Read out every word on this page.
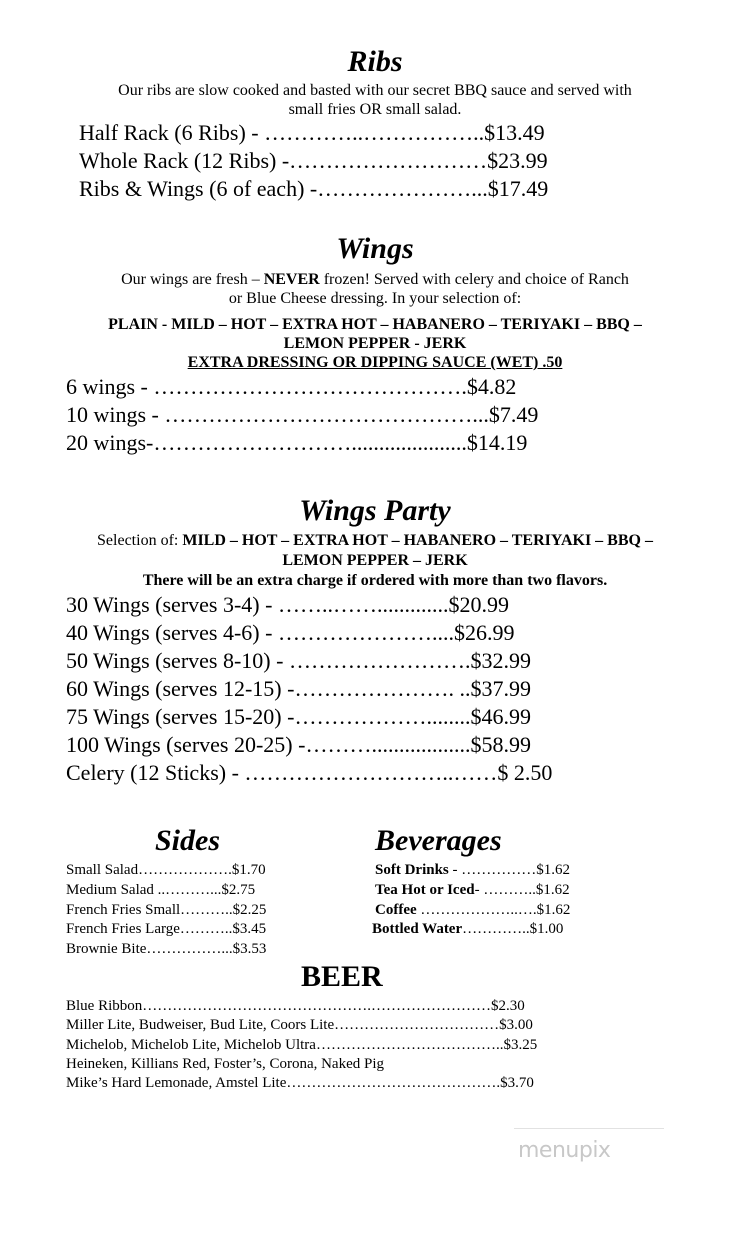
Ribs
Our ribs are slow cooked and basted with our secret BBQ sauce and served with
small fries OR small salad.
Half Rack (6 Ribs) - …………..……………..$13.49
Whole Rack (12 Ribs) -………………………$23.99
Ribs & Wings (6 of each) -…………………...$17.49
Wings
Our wings are fresh – NEVER frozen! Served with celery and choice of Ranch
or Blue Cheese dressing. In your selection of:
PLAIN - MILD – HOT – EXTRA HOT – HABANERO – TERIYAKI – BBQ –
LEMON PEPPER - JERK
EXTRA DRESSING OR DIPPING SAUCE (WET) .50
6 wings - …………………………………….$4.82
10 wings - ……………………………………...$7.49
20 wings-……………………….....................$14.19
Wings Party
Selection of: MILD – HOT – EXTRA HOT – HABANERO – TERIYAKI – BBQ –
LEMON PEPPER – JERK
There will be an extra charge if ordered with more than two flavors.
30 Wings (serves 3-4) - ……..…….............$20.99
40 Wings (serves 4-6) - …………………....$26.99
50 Wings (serves 8-10) - …………………….$32.99
60 Wings (serves 12-15) -…………………. ..$37.99
75 Wings (serves 15-20) -………………........$46.99
100 Wings (serves 20-25) -………..................$58.99
Celery (12 Sticks) - ………………………..……$ 2.50
Sides
Small Salad……………….$1.70
Medium Salad ..………...$2.75
French Fries Small………..$2.25
French Fries Large………..$3.45
Brownie Bite……………...$3.53
Beverages
Soft Drinks - ……………$1.62
Tea Hot or Iced- ………..$1.62
Coffee ………………..….$1.62
Bottled Water…………..$1.00
BEER
Blue Ribbon……………………………………….……………………$2.30
Miller Lite, Budweiser, Bud Lite, Coors Lite……………………………$3.00
Michelob, Michelob Lite, Michelob Ultra………………………………..$3.25
Heineken, Killians Red, Foster’s, Corona, Naked Pig
Mike’s Hard Lemonade, Amstel Lite…………………………………….$3.70
menupix
